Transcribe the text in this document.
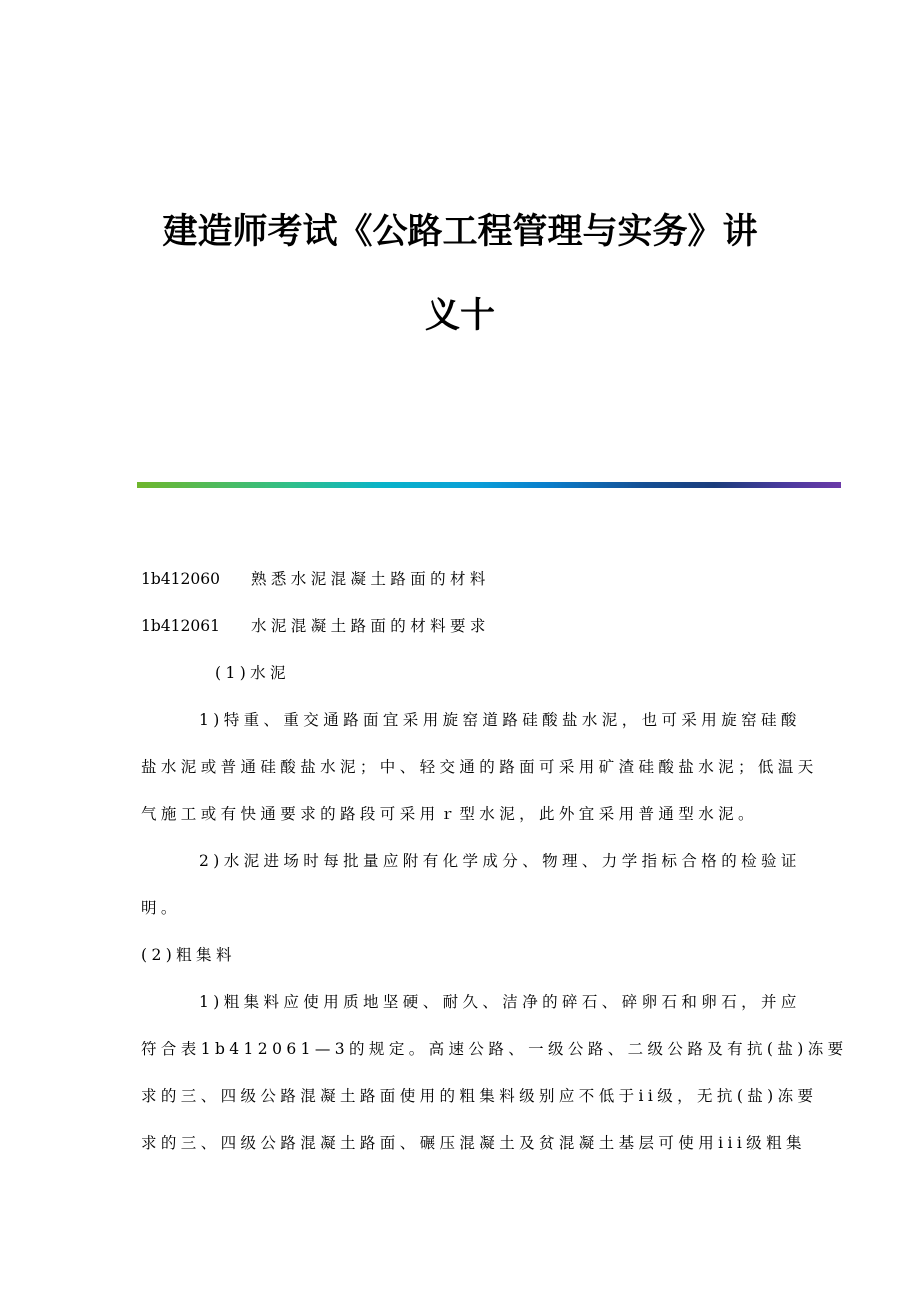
建造师考试《公路工程管理与实务》讲
义十
1b412060 熟悉水泥混凝土路面的材料
1b412061 水泥混凝土路面的材料要求
(1)水泥
1)特重、重交通路面宜采用旋窑道路硅酸盐水泥，也可采用旋窑硅酸
盐水泥或普通硅酸盐水泥；中、轻交通的路面可采用矿渣硅酸盐水泥；低温天
气施工或有快通要求的路段可采用ｒ型水泥，此外宜采用普通型水泥。
2)水泥进场时每批量应附有化学成分、物理、力学指标合格的检验证
明。
(2)粗集料
1)粗集料应使用质地坚硬、耐久、洁净的碎石、碎卵石和卵石，并应
符合表1b412061—3的规定。高速公路、一级公路、二级公路及有抗(盐)冻要
求的三、四级公路混凝土路面使用的粗集料级别应不低于ii级，无抗(盐)冻要
求的三、四级公路混凝土路面、碾压混凝土及贫混凝土基层可使用iii级粗集
